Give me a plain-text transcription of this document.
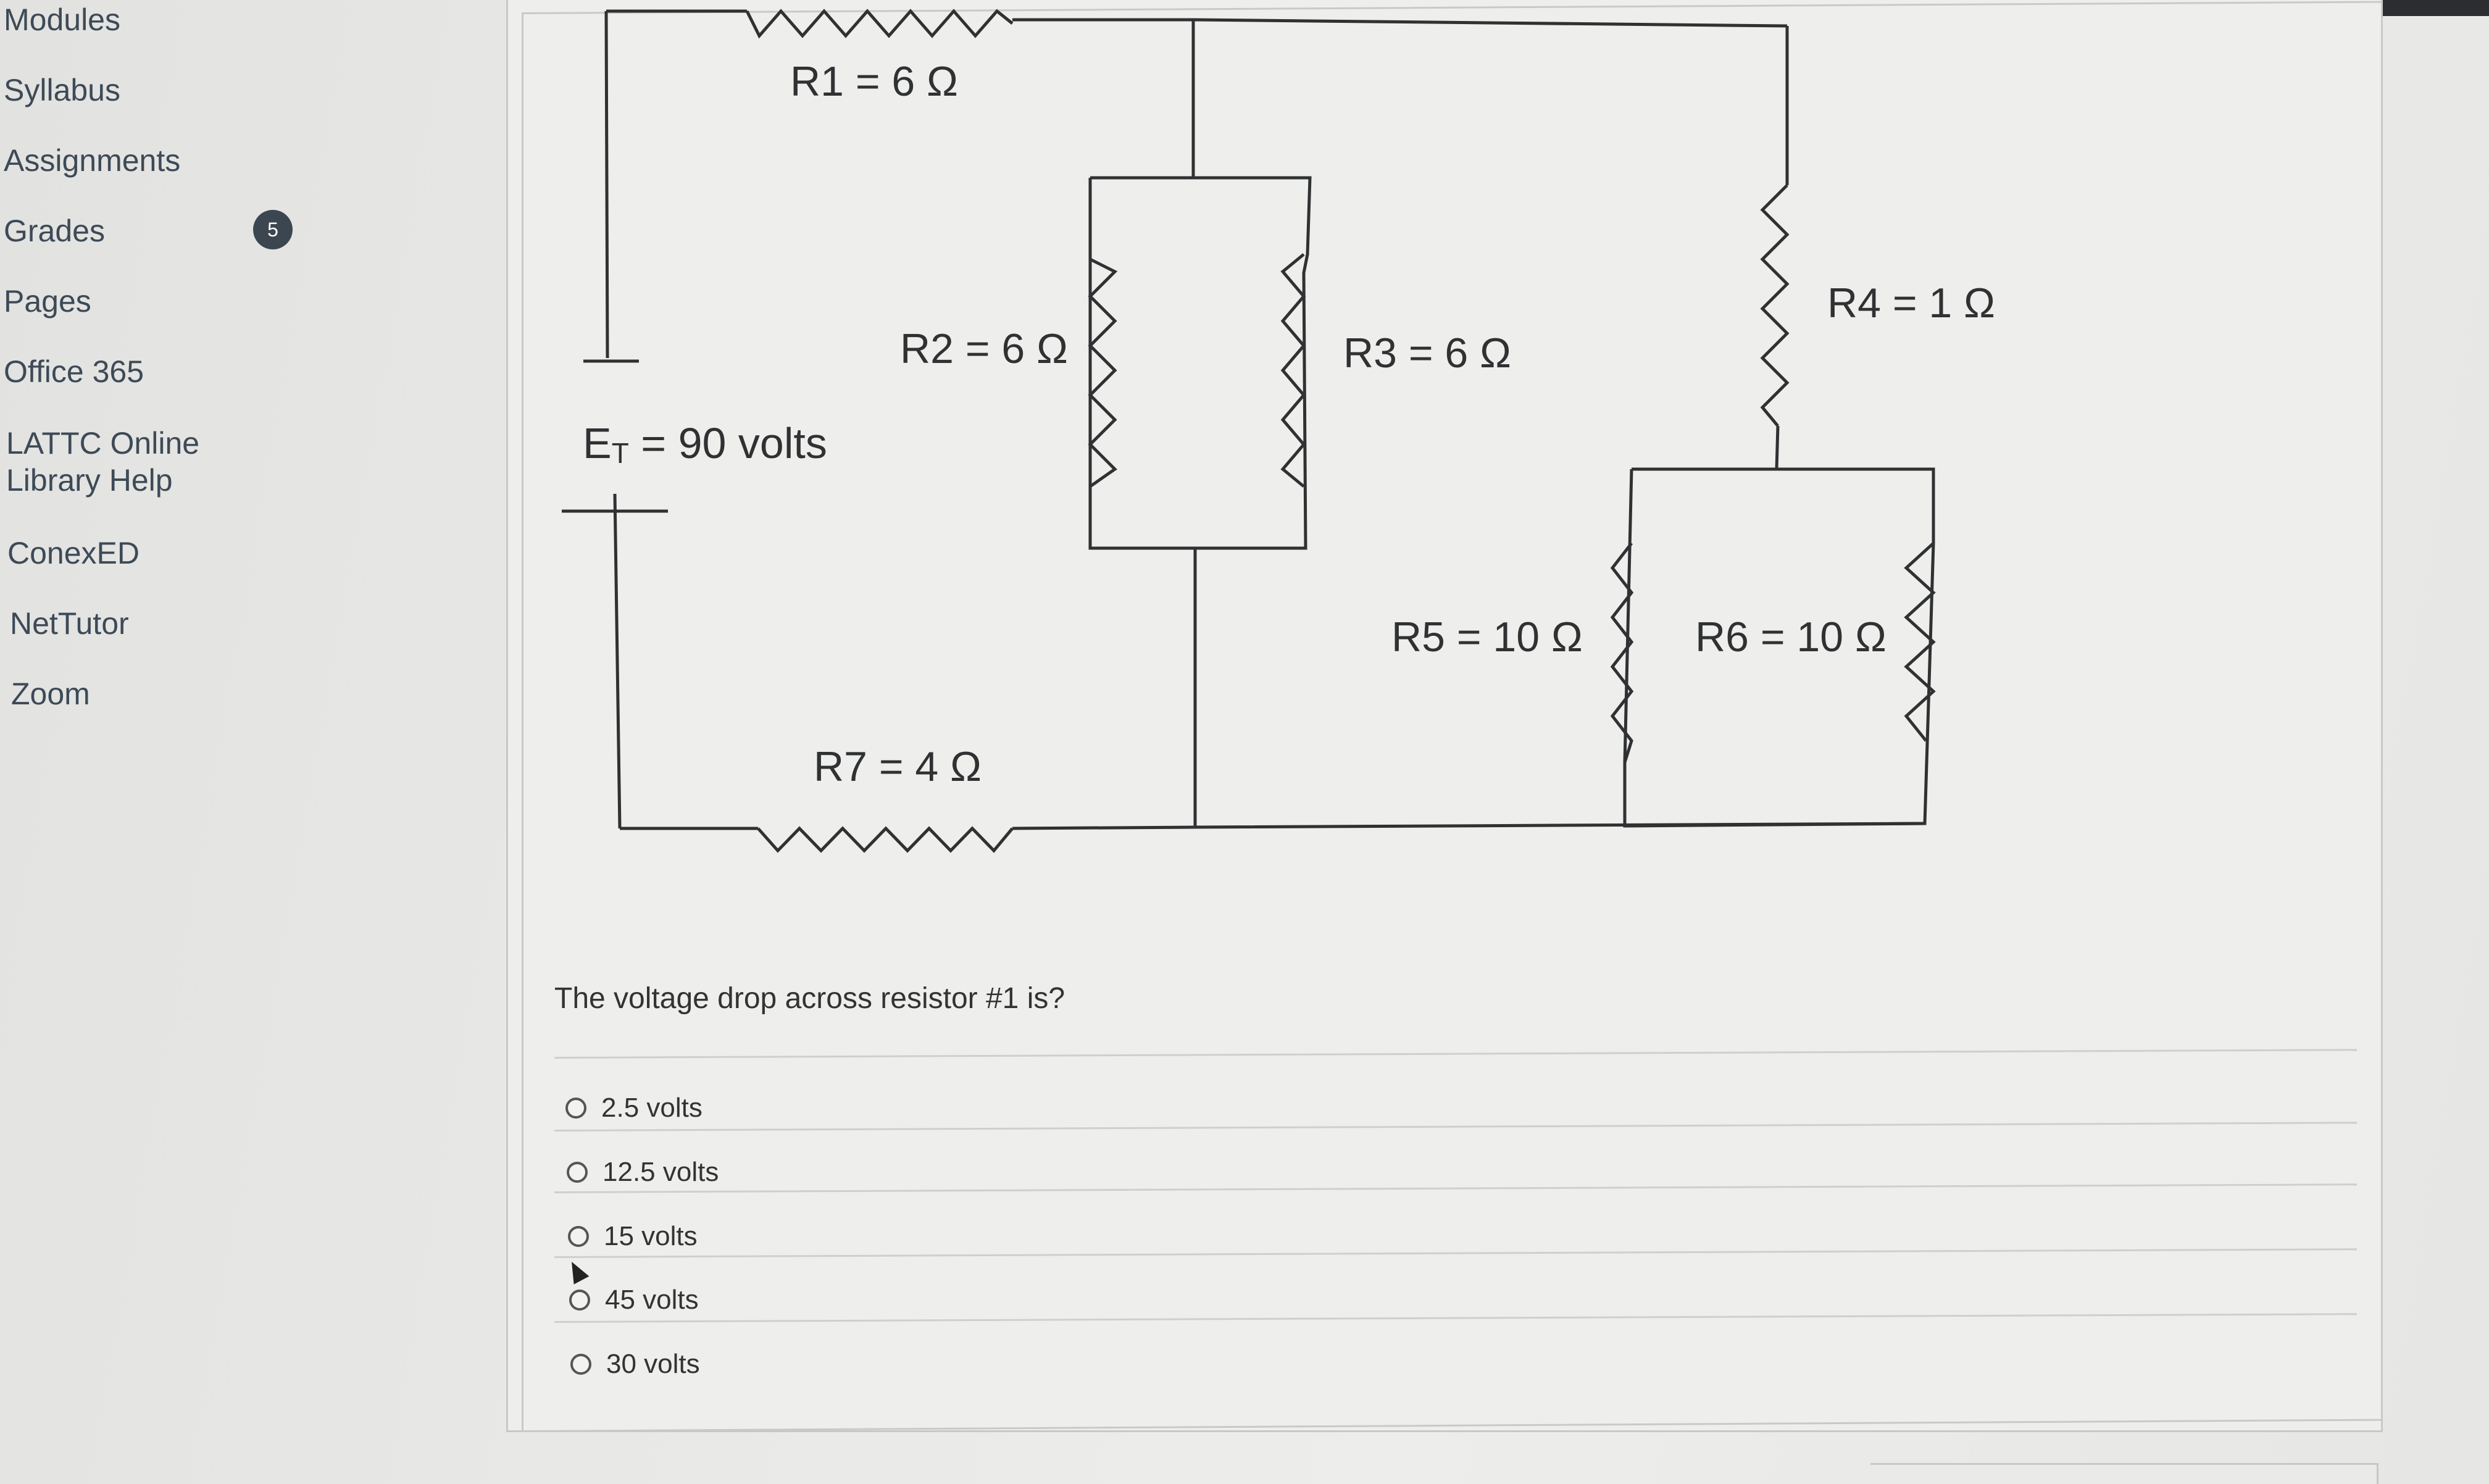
Modules
Syllabus
Assignments
Grades	5
Pages
Office 365
LATTC Online
Library Help
ConexED
NetTutor
Zoom
R1 = 6 Ω
R2 = 6 Ω	R3 = 6 Ω
R4 = 1 Ω
R5 = 10 Ω	R6 = 10 Ω
R7 = 4 Ω
ET = 90 volts
The voltage drop across resistor #1 is?
2.5 volts
12.5 volts
15 volts
45 volts
30 volts
